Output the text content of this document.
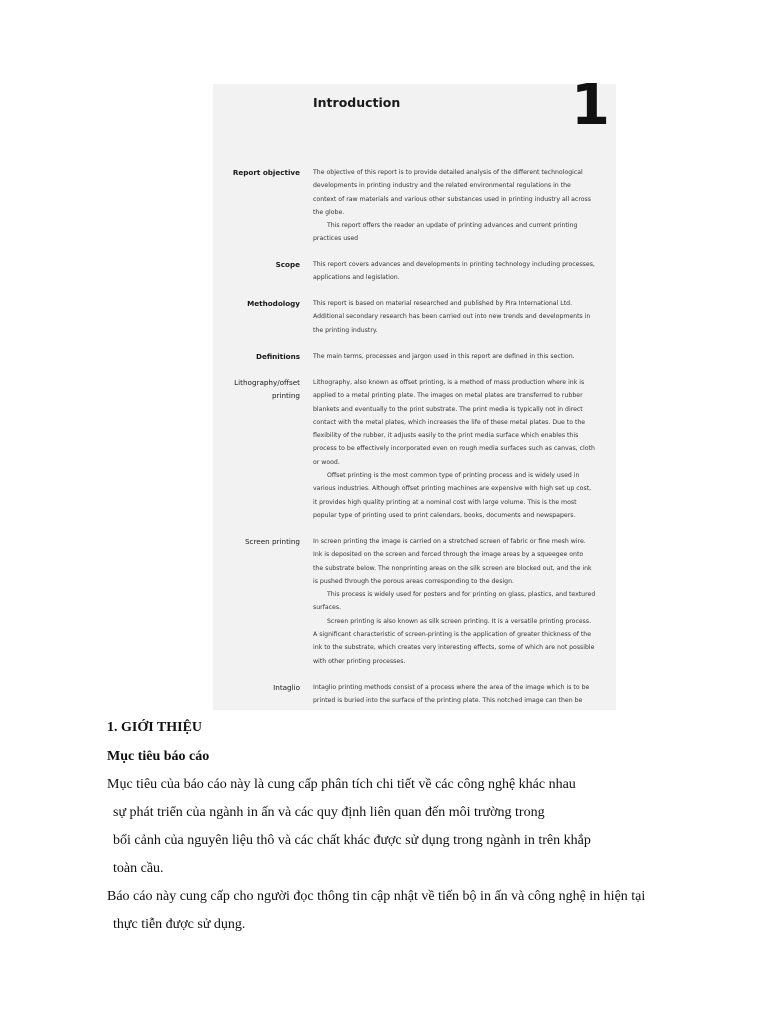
Introduction	1
Report objective The objective of this report is to provide detailed analysis of the different technological
developments in printing industry and the related environmental regulations in the
context of raw materials and various other substances used in printing industry all across
the globe.
This report offers the reader an update of printing advances and current printing
practices used
Scope This report covers advances and developments in printing technology including processes,
applications and legislation.
Methodology This report is based on material researched and published by Pira International Ltd.
Additional secondary research has been carried out into new trends and developments in
the printing industry.
Definitions The main terms, processes and jargon used in this report are defined in this section.
Lithography/offset
printing
Lithography, also known as offset printing, is a method of mass production where ink is
applied to a metal printing plate. The images on metal plates are transferred to rubber
blankets and eventually to the print substrate. The print media is typically not in direct
contact with the metal plates, which increases the life of these metal plates. Due to the
flexibility of the rubber, it adjusts easily to the print media surface which enables this
process to be effectively incorporated even on rough media surfaces such as canvas, cloth
or wood.
Offset printing is the most common type of printing process and is widely used in
various industries. Although offset printing machines are expensive with high set up cost,
it provides high quality printing at a nominal cost with large volume. This is the most
popular type of printing used to print calendars, books, documents and newspapers.
Screen printing In screen printing the image is carried on a stretched screen of fabric or fine mesh wire.
Ink is deposited on the screen and forced through the image areas by a squeegee onto
the substrate below. The nonprinting areas on the silk screen are blocked out, and the ink
is pushed through the porous areas corresponding to the design.
This process is widely used for posters and for printing on glass, plastics, and textured
surfaces.
Screen printing is also known as silk screen printing. It is a versatile printing process.
A significant characteristic of screen-printing is the application of greater thickness of the
ink to the substrate, which creates very interesting effects, some of which are not possible
with other printing processes.
Intaglio Intaglio printing methods consist of a process where the area of the image which is to be
printed is buried into the surface of the printing plate. This notched image can then be
1. GIỚI THIỆU
Mục tiêu báo cáo
Mục tiêu của báo cáo này là cung cấp phân tích chi tiết về các công nghệ khác nhau
sự phát triển của ngành in ấn và các quy định liên quan đến môi trường trong
bối cảnh của nguyên liệu thô và các chất khác được sử dụng trong ngành in trên khắp
toàn cầu.
Báo cáo này cung cấp cho người đọc thông tin cập nhật về tiến bộ in ấn và công nghệ in hiện tại
thực tiễn được sử dụng.
